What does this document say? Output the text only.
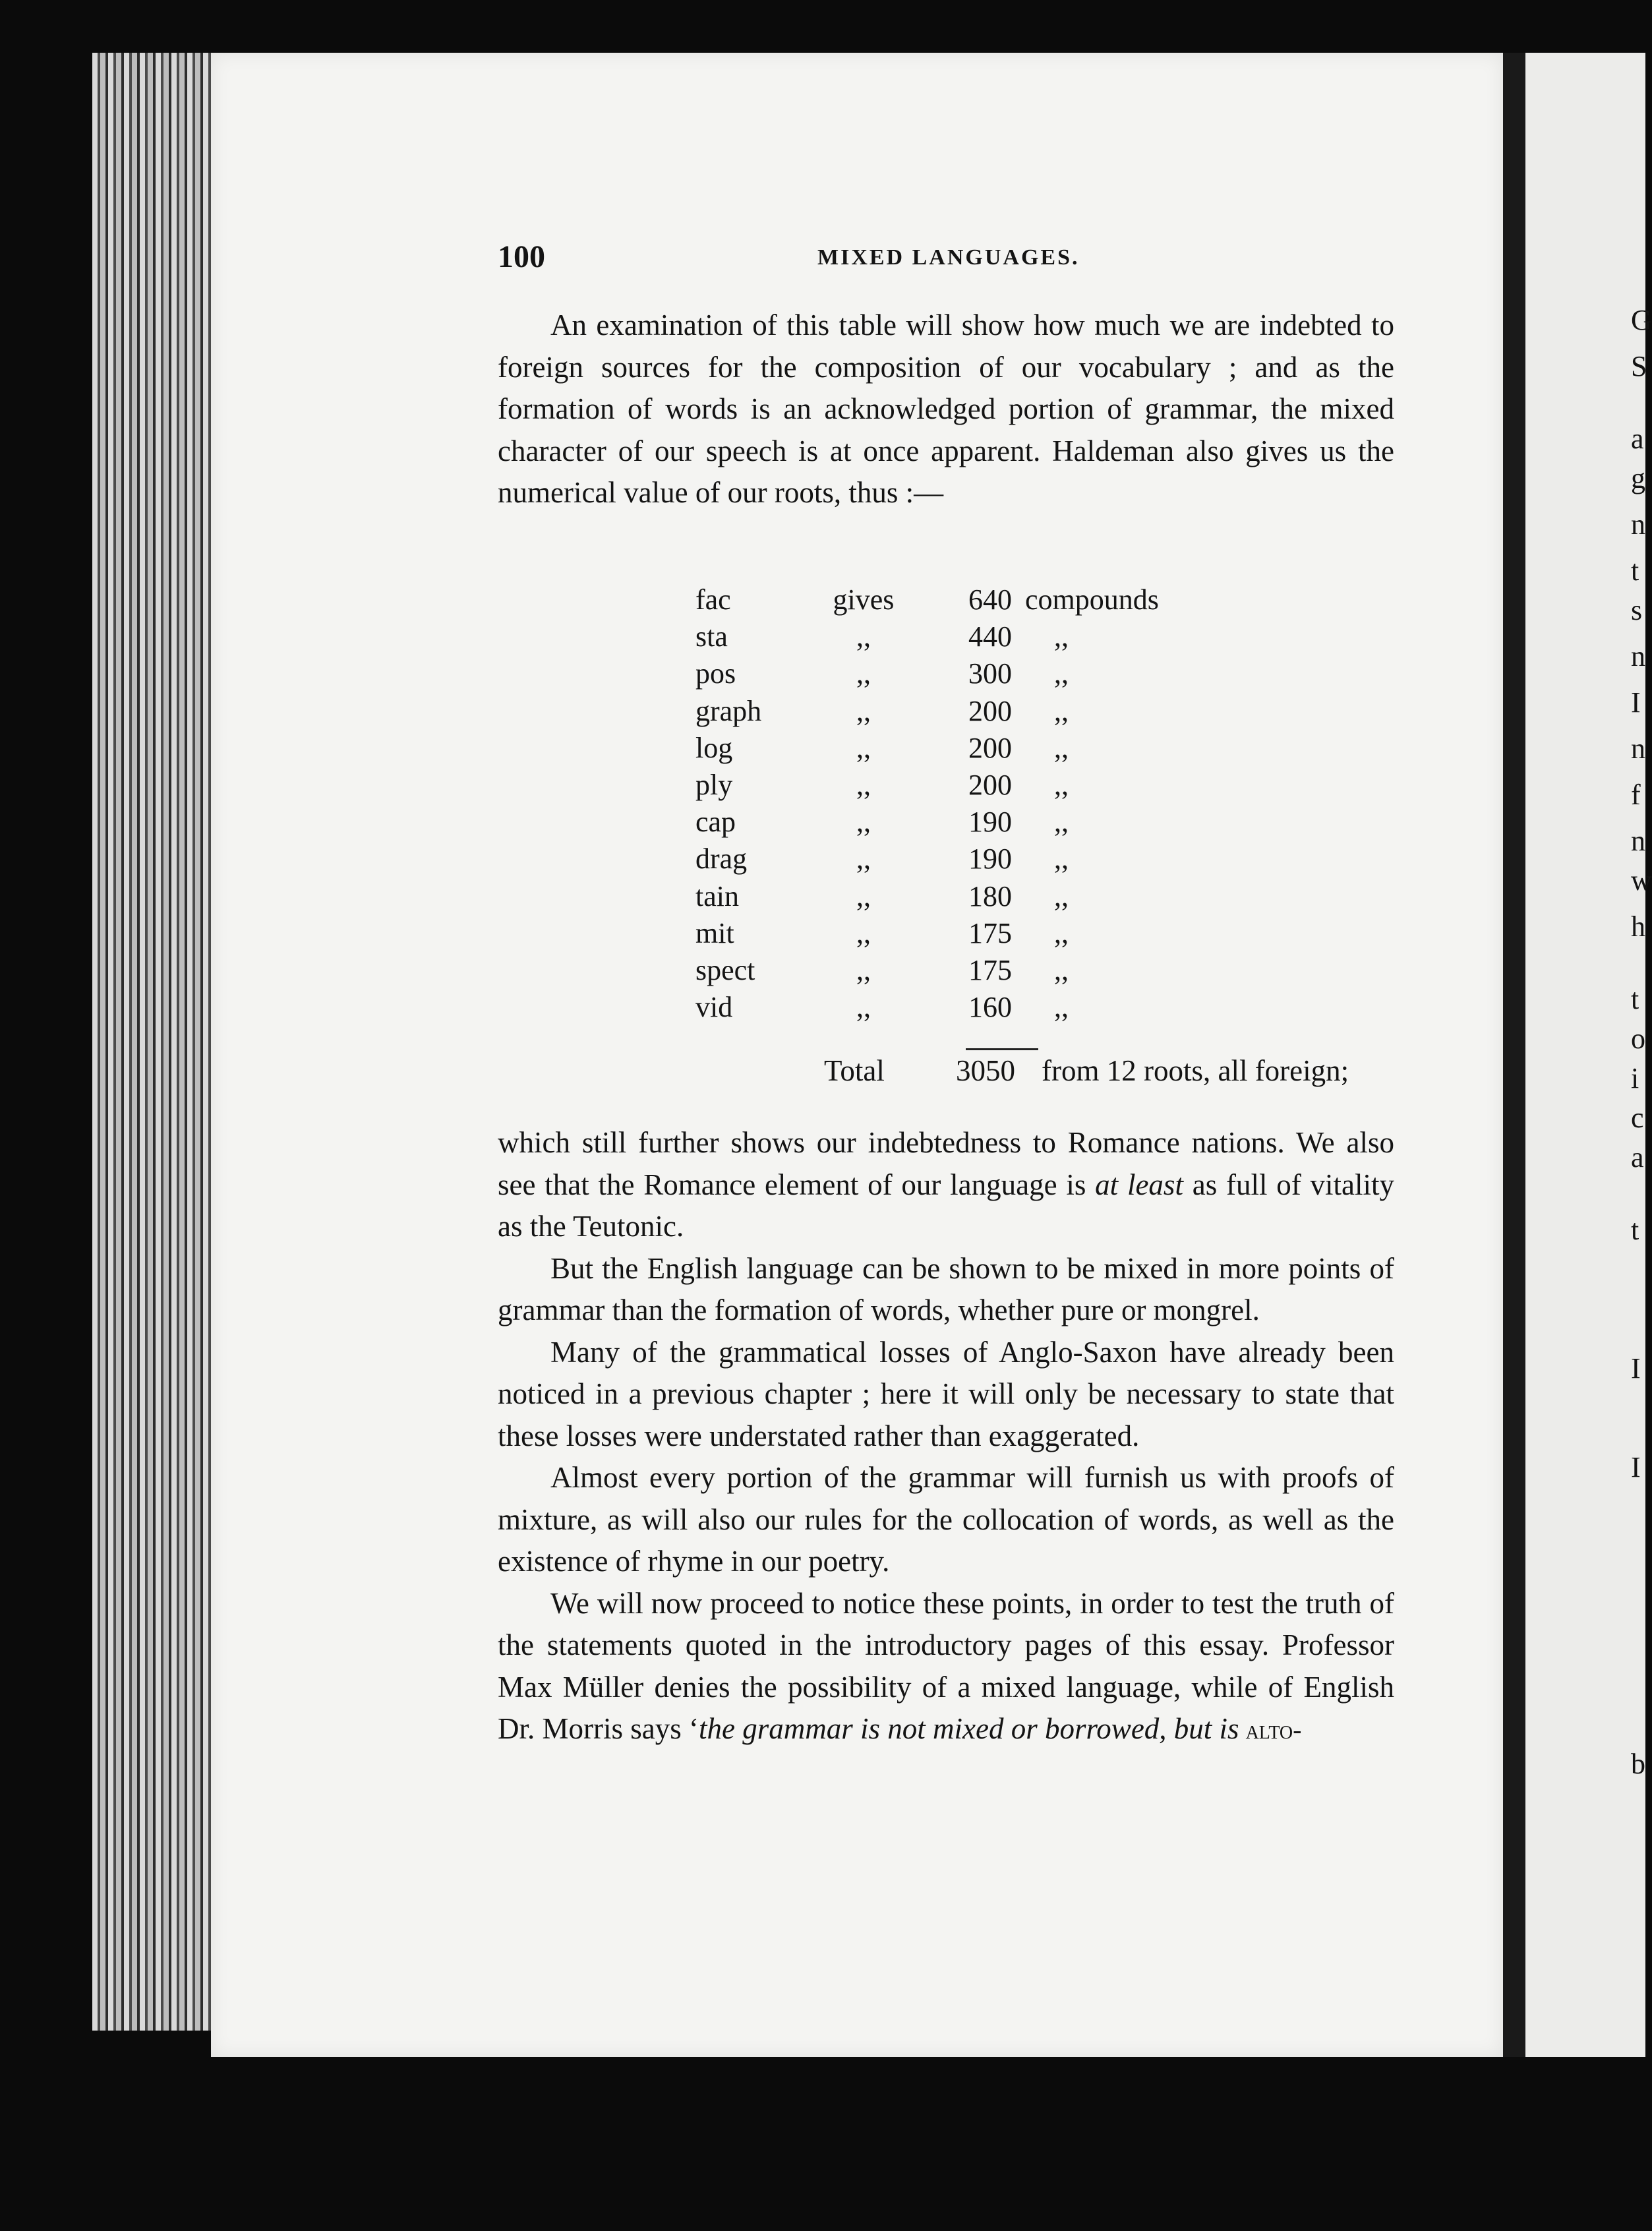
100	MIXED LANGUAGES.

An examination of this table will show how much we are indebted to foreign sources for the composition of our vocabulary ; and as the formation of words is an acknowledged portion of grammar, the mixed character of our speech is at once apparent. Haldeman also gives us the numerical value of our roots, thus :—

fac	gives	640	compounds
sta	,,	440	,,
pos	,,	300	,,
graph	,,	200	,,
log	,,	200	,,
ply	,,	200	,,
cap	,,	190	,,
drag	,,	190	,,
tain	,,	180	,,
mit	,,	175	,,
spect	,,	175	,,
vid	,,	160	,,
Total 3050 from 12 roots, all foreign;

which still further shows our indebtedness to Romance nations. We also see that the Romance element of our language is at least as full of vitality as the Teutonic.

But the English language can be shown to be mixed in more points of grammar than the formation of words, whether pure or mongrel.

Many of the grammatical losses of Anglo-Saxon have already been noticed in a previous chapter ; here it will only be necessary to state that these losses were understated rather than exaggerated.

Almost every portion of the grammar will furnish us with proofs of mixture, as will also our rules for the collocation of words, as well as the existence of rhyme in our poetry.

We will now proceed to notice these points, in order to test the truth of the statements quoted in the introductory pages of this essay. Professor Max Müller denies the possibility of a mixed language, while of English Dr. Morris says ‘the grammar is not mixed or borrowed, but is alto-

G
S
a
g
n
t
s
n
I
n
f
n
w
h
t
o
i
c
a
t
I
I
b
